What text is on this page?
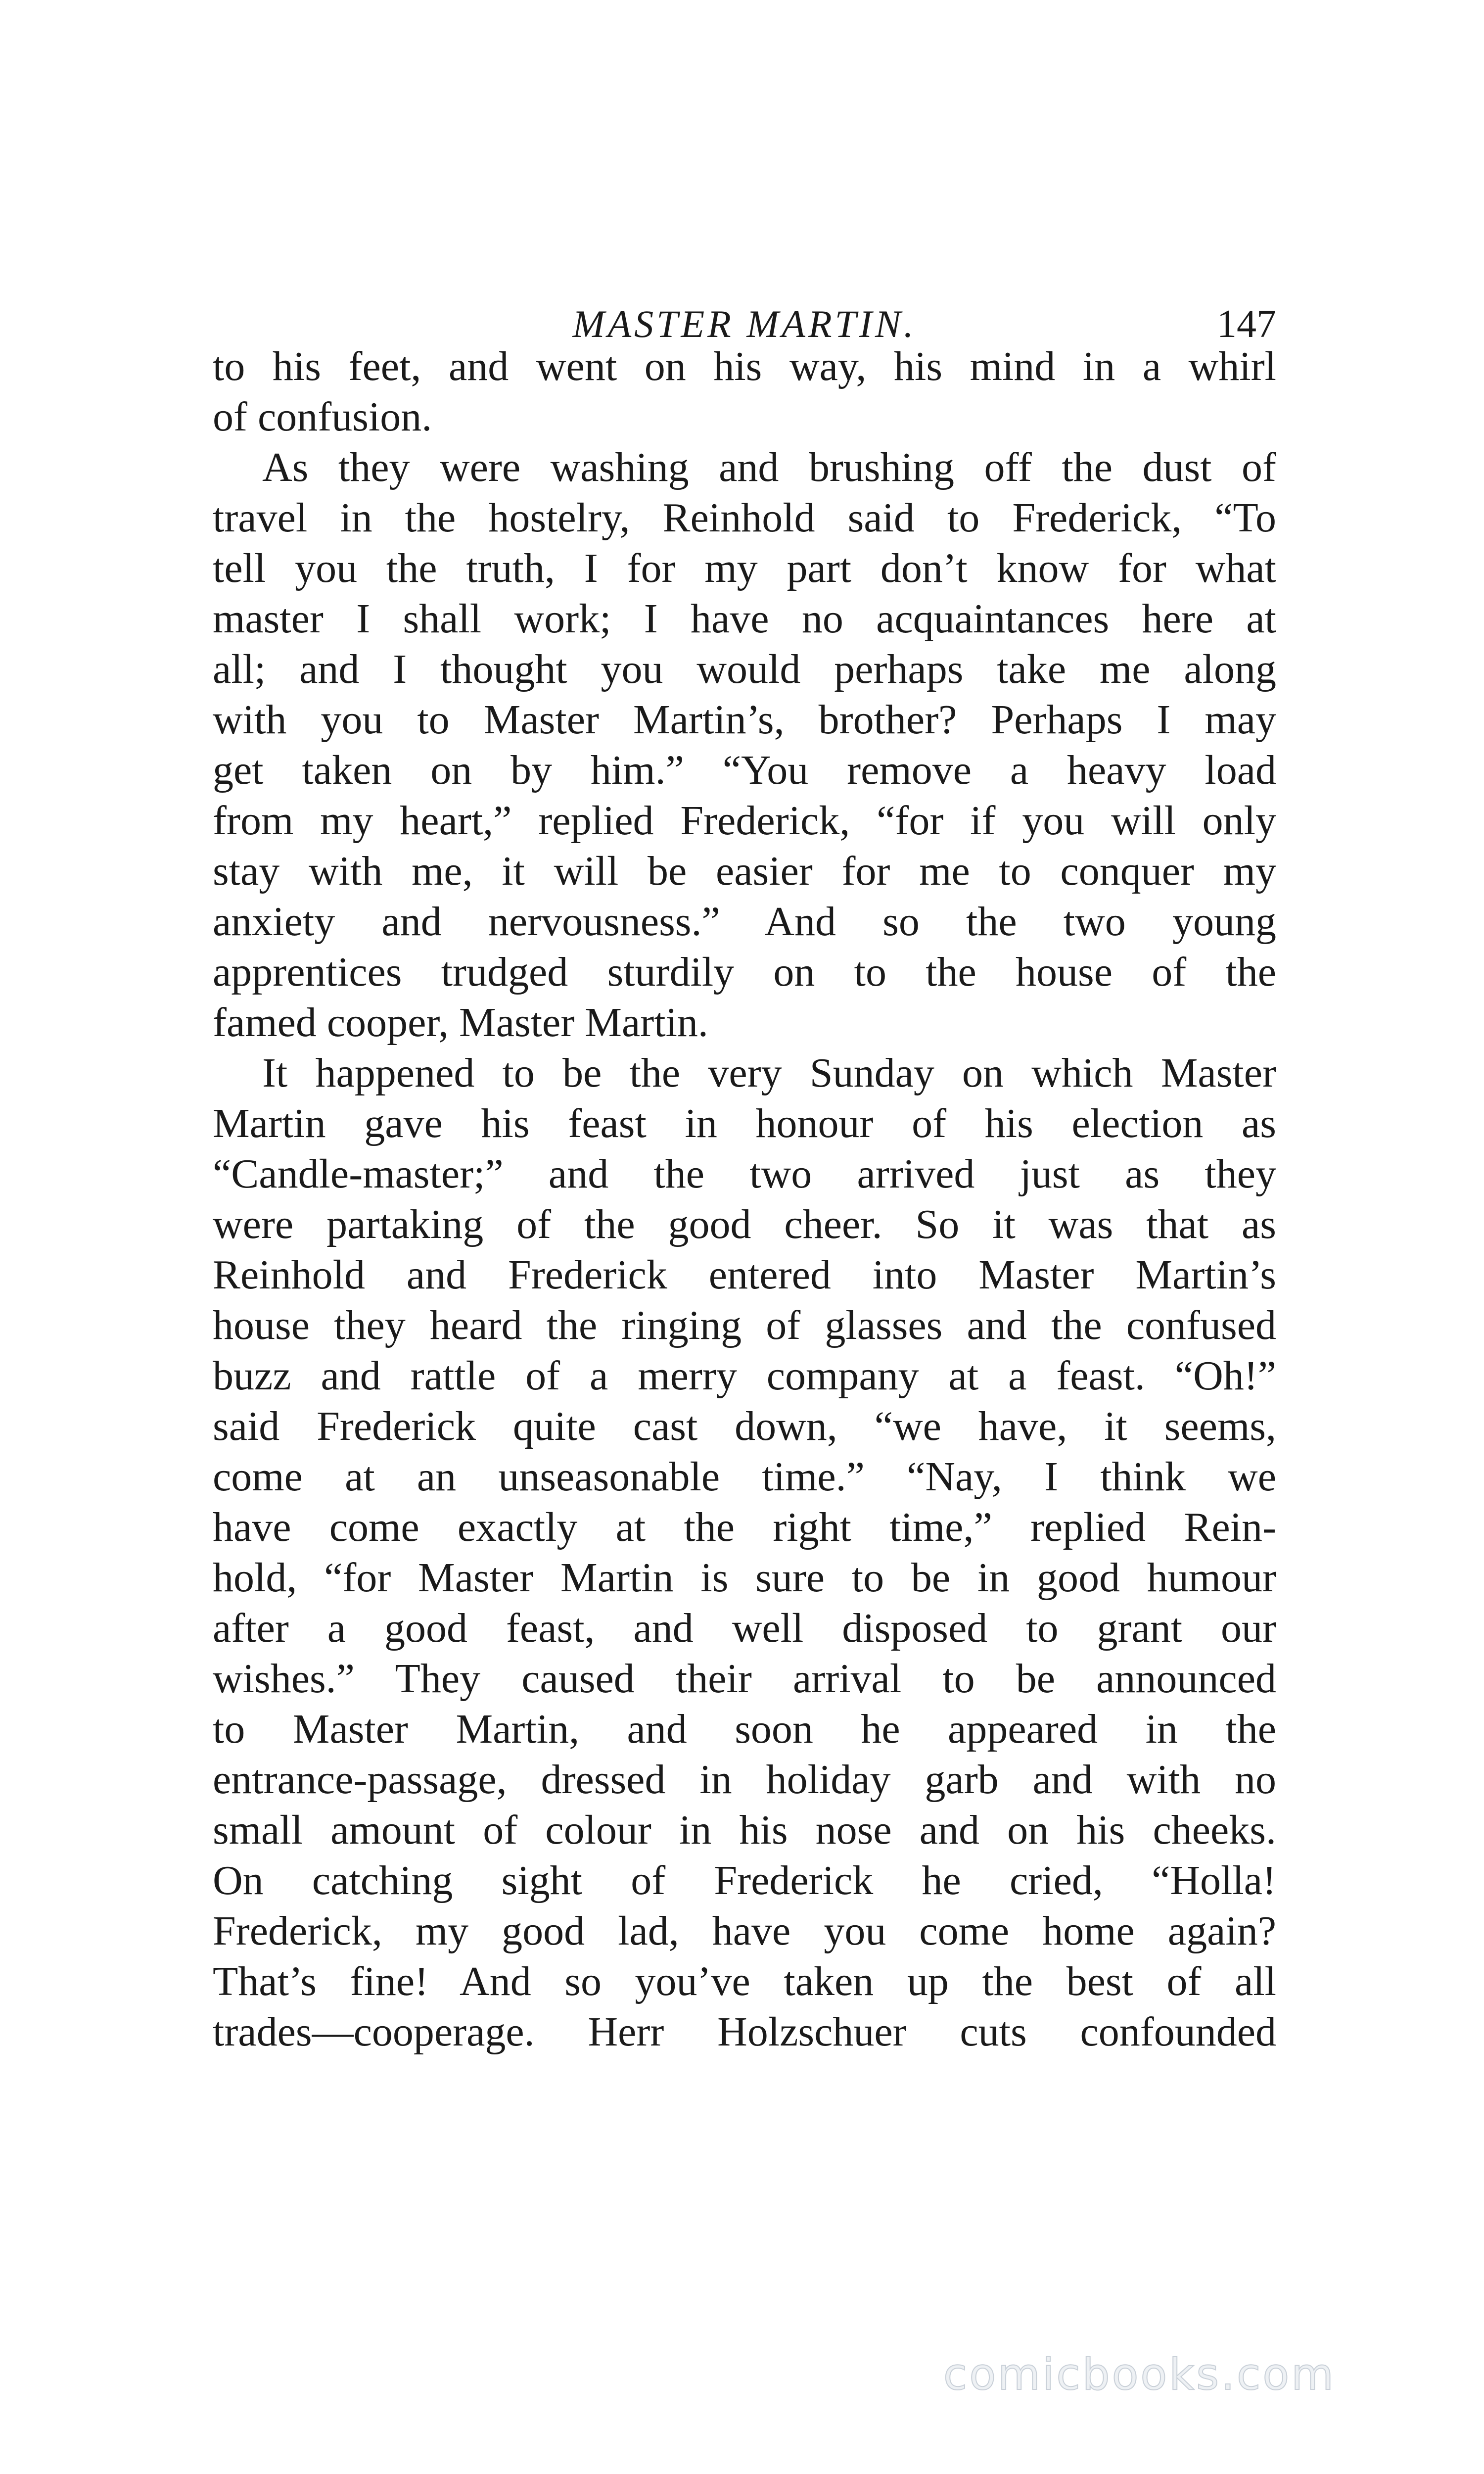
MASTER MARTIN.	147
to his feet, and went on his way, his mind in a whirl
of confusion.
As they were washing and brushing off the dust of
travel in the hostelry, Reinhold said to Frederick, “To
tell you the truth, I for my part don’t know for what
master I shall work; I have no acquaintances here at
all; and I thought you would perhaps take me along
with you to Master Martin’s, brother? Perhaps I may
get taken on by him.” “You remove a heavy load
from my heart,” replied Frederick, “for if you will only
stay with me, it will be easier for me to conquer my
anxiety and nervousness.” And so the two young
apprentices trudged sturdily on to the house of the
famed cooper, Master Martin.
It happened to be the very Sunday on which Master
Martin gave his feast in honour of his election as
“Candle-master;” and the two arrived just as they
were partaking of the good cheer. So it was that as
Reinhold and Frederick entered into Master Martin’s
house they heard the ringing of glasses and the confused
buzz and rattle of a merry company at a feast. “Oh!”
said Frederick quite cast down, “we have, it seems,
come at an unseasonable time.” “Nay, I think we
have come exactly at the right time,” replied Rein-
hold, “for Master Martin is sure to be in good humour
after a good feast, and well disposed to grant our
wishes.” They caused their arrival to be announced
to Master Martin, and soon he appeared in the
entrance-passage, dressed in holiday garb and with no
small amount of colour in his nose and on his cheeks.
On catching sight of Frederick he cried, “Holla!
Frederick, my good lad, have you come home again?
That’s fine! And so you’ve taken up the best of all
trades—cooperage. Herr Holzschuer cuts confounded
comicbooks.com
